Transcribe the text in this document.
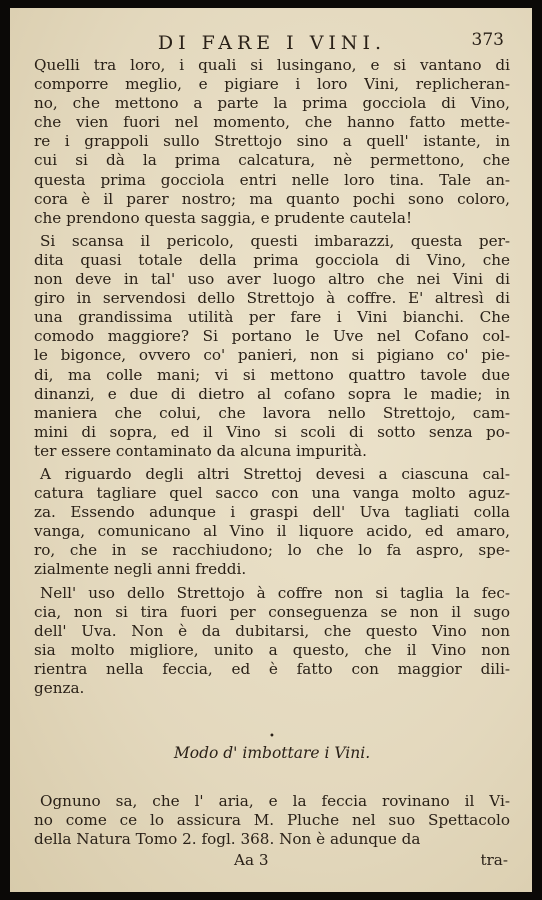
DI FARE I VINI.	373
Quelli tra loro, i quali si lusingano, e si vantano di
comporre meglio, e pigiare i loro Vini, replicheran-
no, che mettono a parte la prima gocciola di Vino,
che vien fuori nel momento, che hanno fatto mette-
re i grappoli sullo Strettojo sino a quell' istante, in
cui si dà la prima calcatura, nè permettono, che
questa prima gocciola entri nelle loro tina. Tale an-
cora è il parer nostro; ma quanto pochi sono coloro,
che prendono questa saggia, e prudente cautela!
Si scansa il pericolo, questi imbarazzi, questa per-
dita quasi totale della prima gocciola di Vino, che
non deve in tal' uso aver luogo altro che nei Vini di
giro in servendosi dello Strettojo à coffre. E' altresì di
una grandissima utilità per fare i Vini bianchi. Che
comodo maggiore? Si portano le Uve nel Cofano col-
le bigonce, ovvero co' panieri, non si pigiano co' pie-
di, ma colle mani; vi si mettono quattro tavole due
dinanzi, e due di dietro al cofano sopra le madie; in
maniera che colui, che lavora nello Strettojo, cam-
mini di sopra, ed il Vino si scoli di sotto senza po-
ter essere contaminato da alcuna impurità.
A riguardo degli altri Strettoj devesi a ciascuna cal-
catura tagliare quel sacco con una vanga molto aguz-
za. Essendo adunque i graspi dell' Uva tagliati colla
vanga, comunicano al Vino il liquore acido, ed amaro,
ro, che in se racchiudono; lo che lo fa aspro, spe-
zialmente negli anni freddi.
Nell' uso dello Strettojo à coffre non si taglia la fec-
cia, non si tira fuori per conseguenza se non il sugo
dell' Uva. Non è da dubitarsi, che questo Vino non
sia molto migliore, unito a questo, che il Vino non
rientra nella feccia, ed è fatto con maggior dili-
genza.
•
Modo d' imbottare i Vini.
Ognuno sa, che l' aria, e la feccia rovinano il Vi-
no come ce lo assicura M. Pluche nel suo Spettacolo
della Natura Tomo 2. fogl. 368. Non è adunque da
Aa 3	tra-
